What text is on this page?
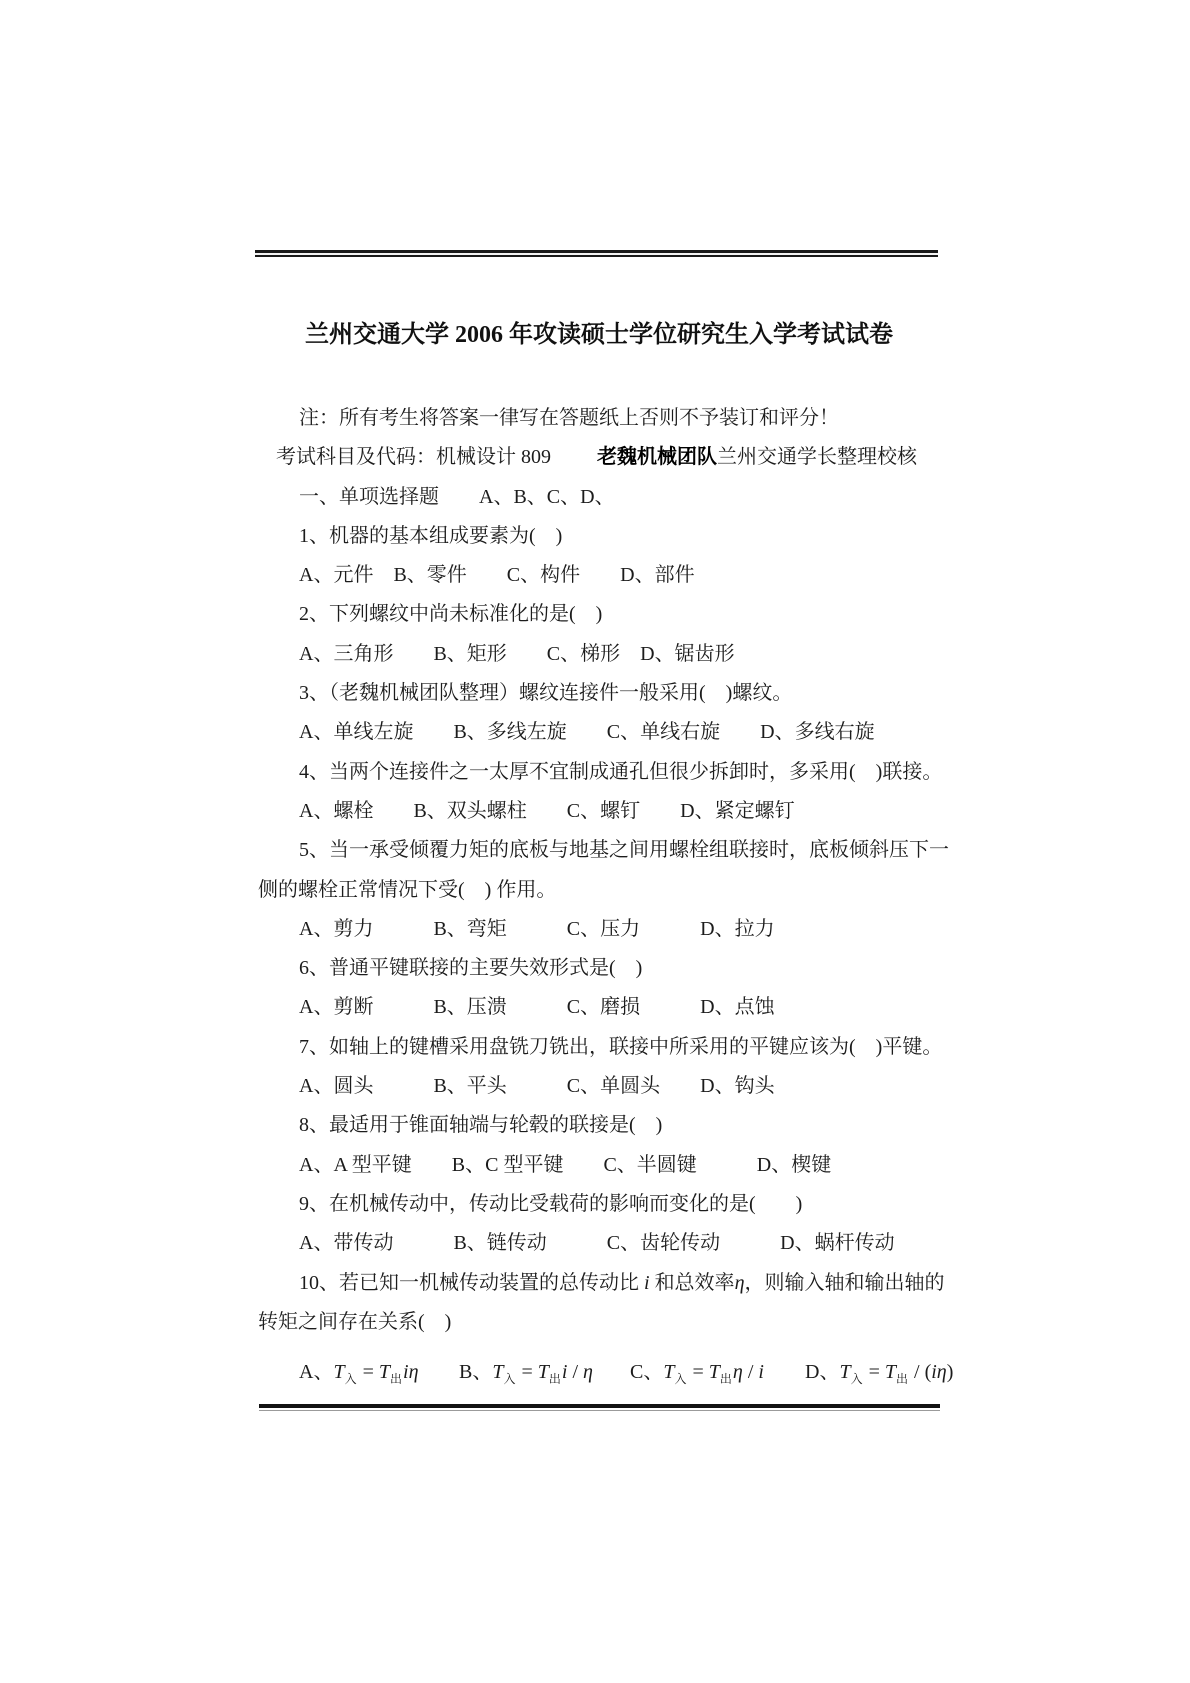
兰州交通大学 2006 年攻读硕士学位研究生入学考试试卷
注：所有考生将答案一律写在答题纸上否则不予装订和评分！
考试科目及代码：机械设计 809 老魏机械团队兰州交通学长整理校核
一、单项选择题　　A、B、C、D、
1、机器的基本组成要素为(　)
A、元件　B、零件　　C、构件　　D、部件
2、下列螺纹中尚未标准化的是(　)
A、三角形　　B、矩形　　C、梯形　D、锯齿形
3、（老魏机械团队整理）螺纹连接件一般采用(　)螺纹。
A、单线左旋　　B、多线左旋　　C、单线右旋　　D、多线右旋
4、当两个连接件之一太厚不宜制成通孔但很少拆卸时，多采用(　)联接。
A、螺栓　　B、双头螺柱　　C、螺钉　　D、紧定螺钉
5、当一承受倾覆力矩的底板与地基之间用螺栓组联接时，底板倾斜压下一
侧的螺栓正常情况下受(　) 作用。
A、剪力　　　B、弯矩　　　C、压力　　　D、拉力
6、普通平键联接的主要失效形式是(　)
A、剪断　　　B、压溃　　　C、磨损　　　D、点蚀
7、如轴上的键槽采用盘铣刀铣出，联接中所采用的平键应该为(　)平键。
A、圆头　　　B、平头　　　C、单圆头　　D、钩头
8、最适用于锥面轴端与轮毂的联接是(　)
A、A 型平键　　B、C 型平键　　C、半圆键　　　D、楔键
9、在机械传动中，传动比受载荷的影响而变化的是(　　)
A、带传动　　　B、链传动　　　C、齿轮传动　　　D、蜗杆传动
10、若已知一机械传动装置的总传动比 i 和总效率η，则输入轴和输出轴的
转矩之间存在关系(　)
A、$T_入 = T_出i\eta$ B、$T_入 = T_出i / \eta$ C、$T_入 = T_出\eta / i$ D、$T_入 = T_出 / (i\eta)$
